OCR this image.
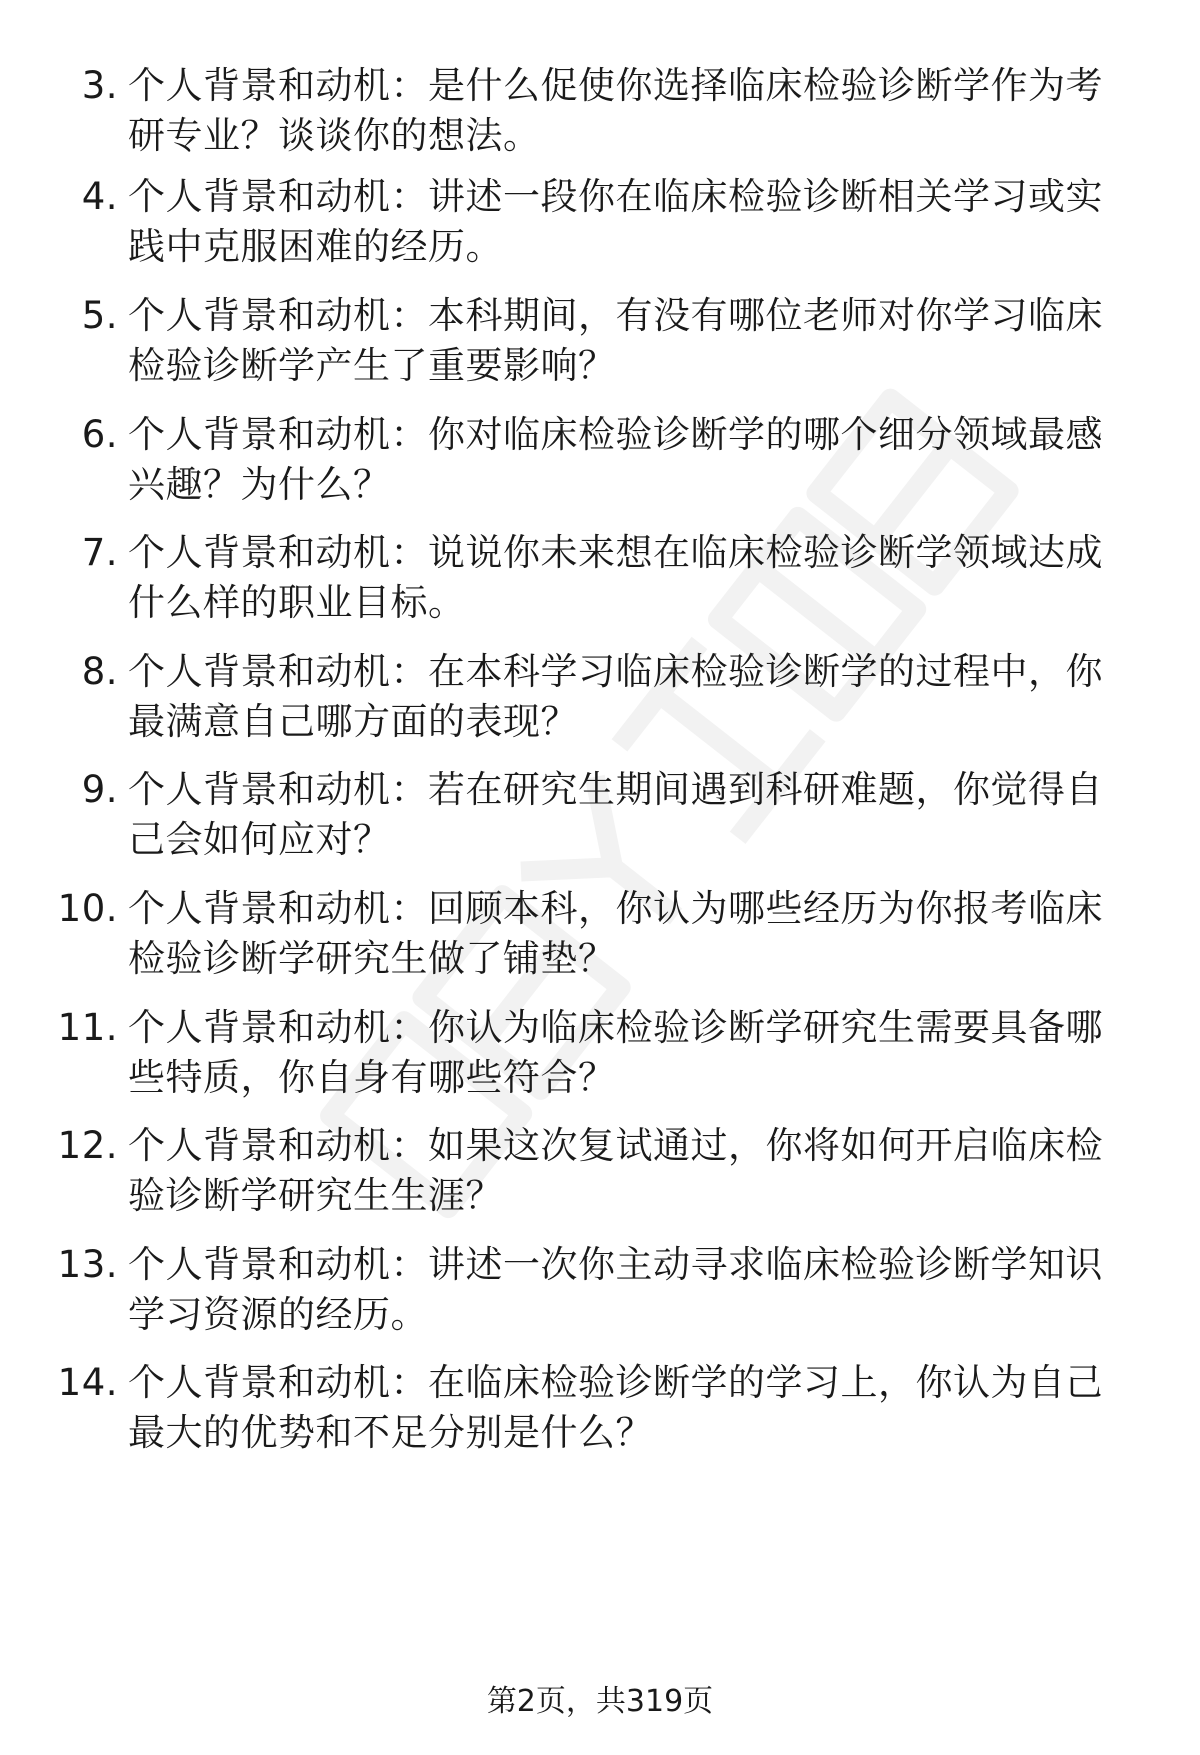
3. 个人背景和动机：是什么促使你选择临床检验诊断学作为考研专业？谈谈你的想法。
4. 个人背景和动机：讲述一段你在临床检验诊断相关学习或实践中克服困难的经历。
5. 个人背景和动机：本科期间，有没有哪位老师对你学习临床检验诊断学产生了重要影响？
6. 个人背景和动机：你对临床检验诊断学的哪个细分领域最感兴趣？为什么？
7. 个人背景和动机：说说你未来想在临床检验诊断学领域达成什么样的职业目标。
8. 个人背景和动机：在本科学习临床检验诊断学的过程中，你最满意自己哪方面的表现？
9. 个人背景和动机：若在研究生期间遇到科研难题，你觉得自己会如何应对？
10. 个人背景和动机：回顾本科，你认为哪些经历为你报考临床检验诊断学研究生做了铺垫？
11. 个人背景和动机：你认为临床检验诊断学研究生需要具备哪些特质，你自身有哪些符合？
12. 个人背景和动机：如果这次复试通过，你将如何开启临床检验诊断学研究生生涯？
13. 个人背景和动机：讲述一次你主动寻求临床检验诊断学知识学习资源的经历。
14. 个人背景和动机：在临床检验诊断学的学习上，你认为自己最大的优势和不足分别是什么？
第2页，共319页
